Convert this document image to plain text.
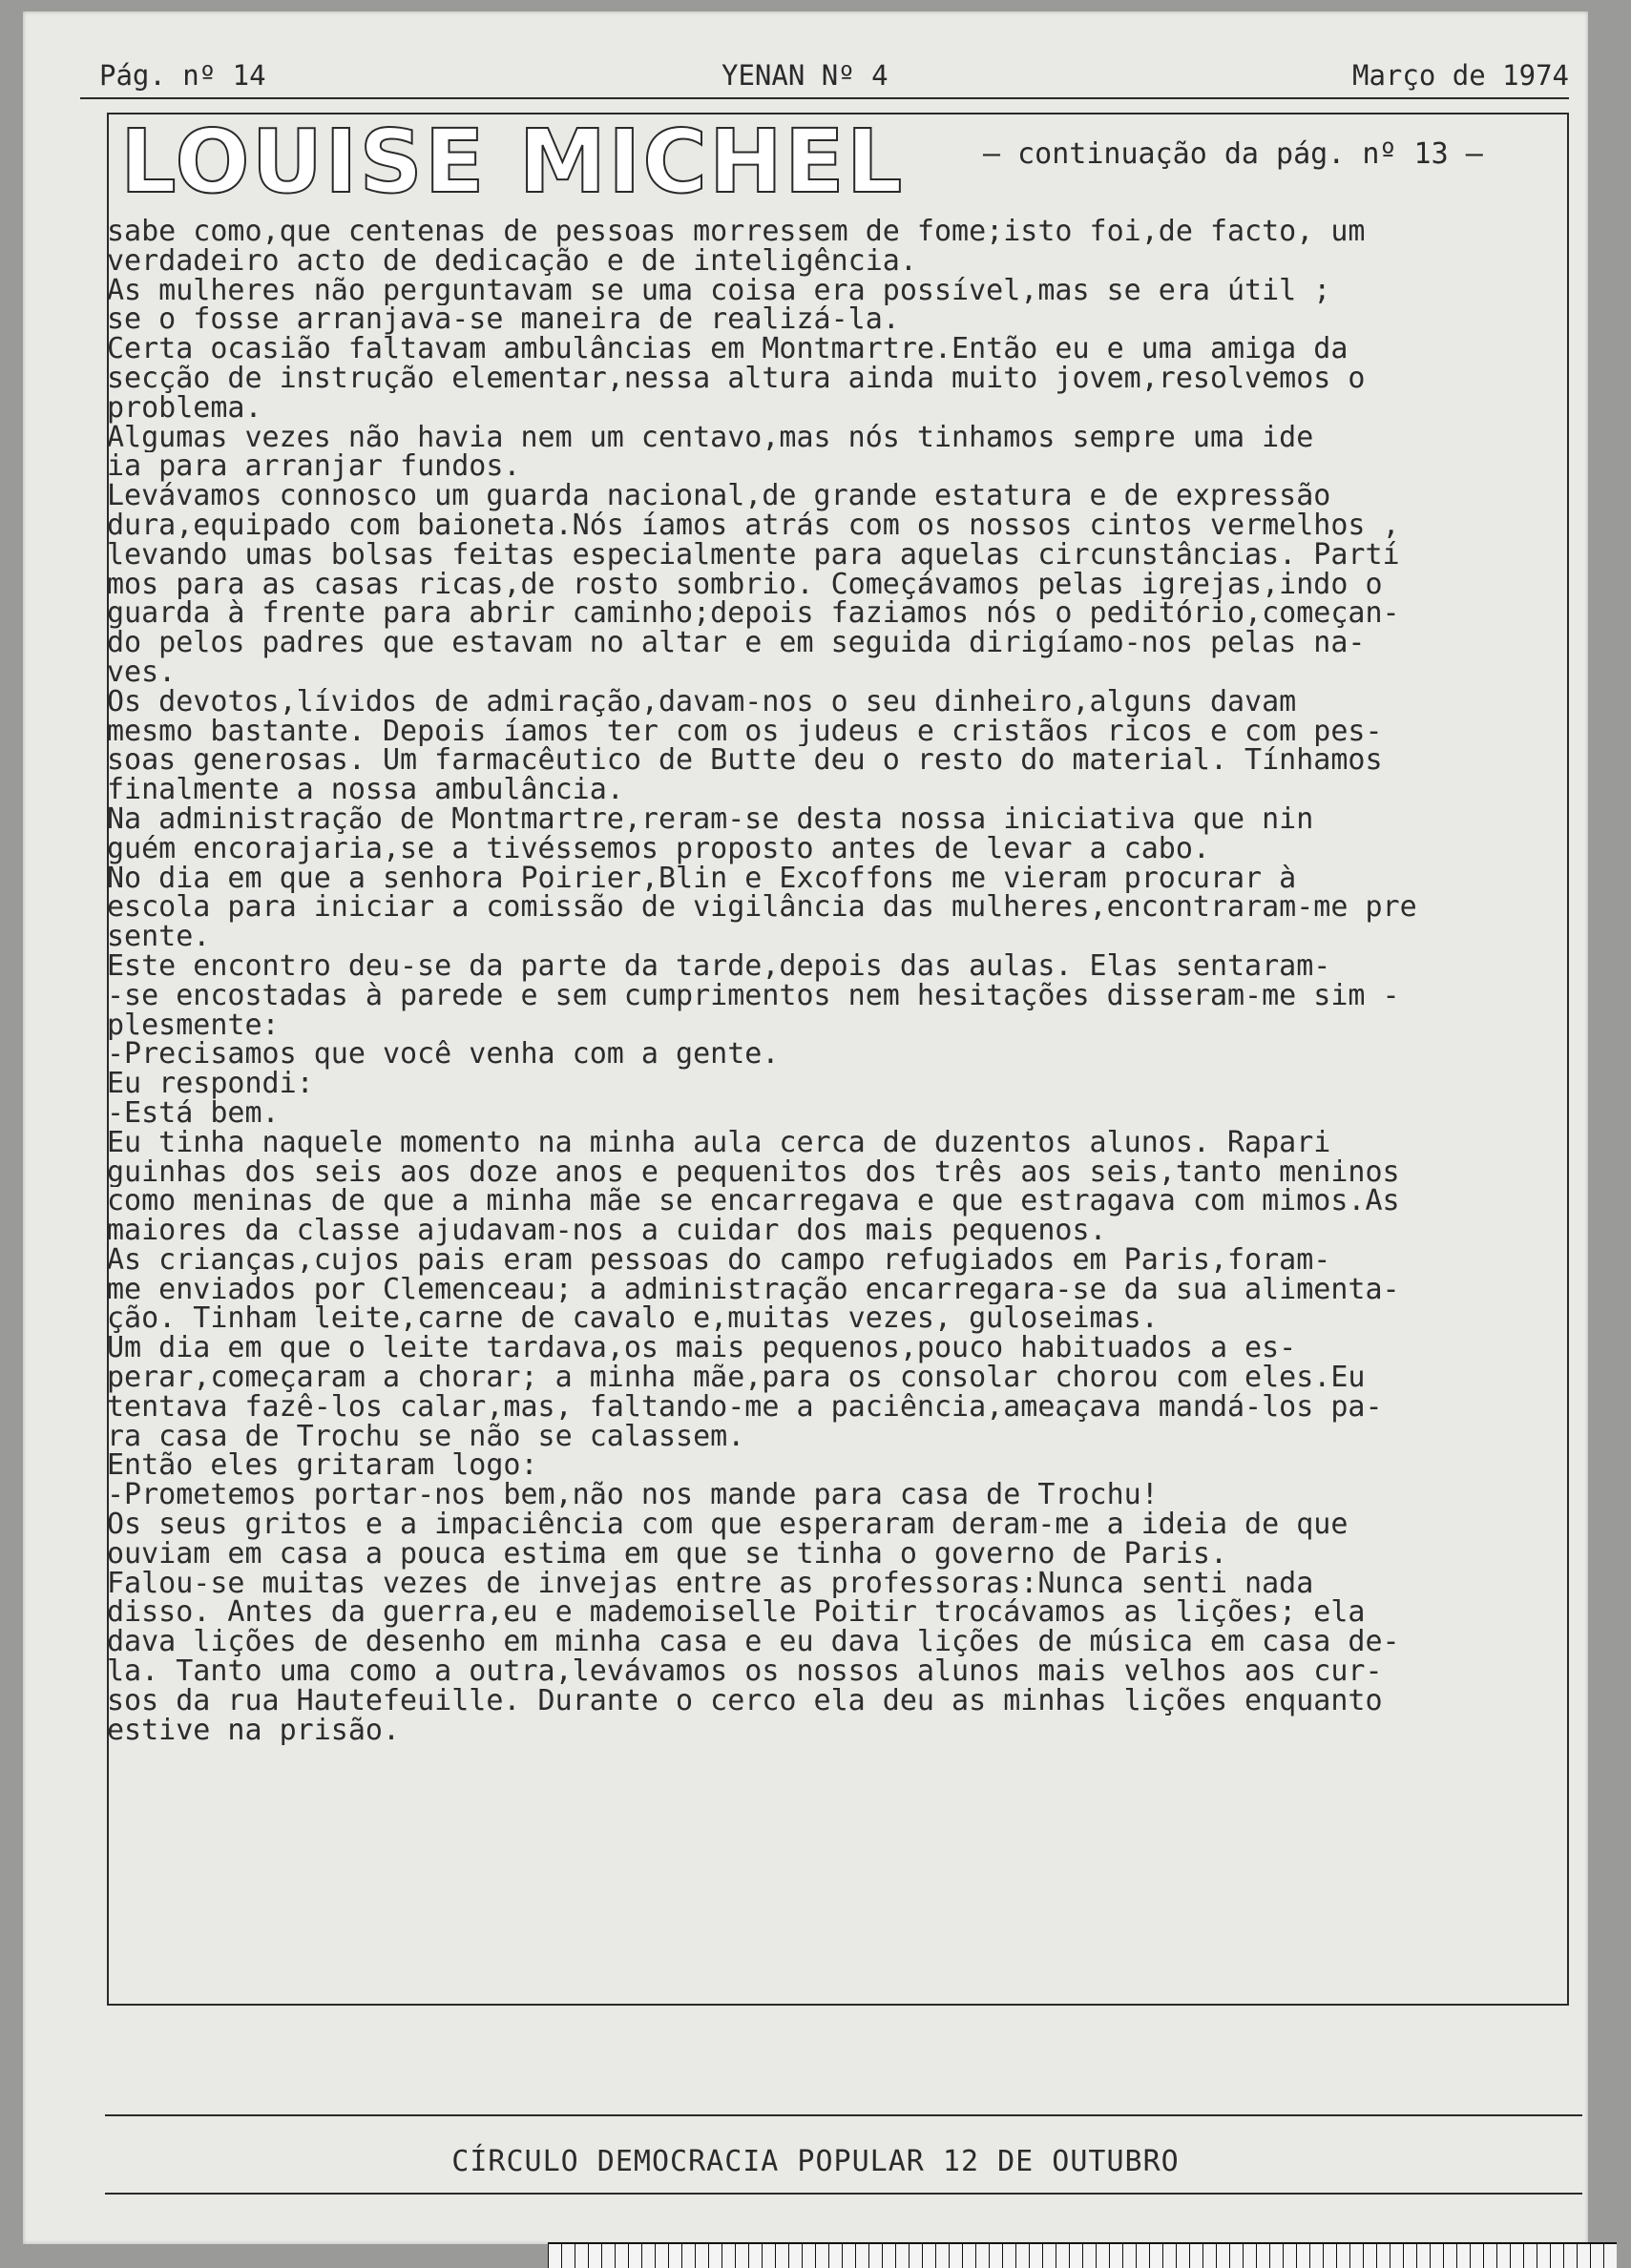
Pág. nº 14	YENAN Nº 4	Março de 1974
LOUISE MICHEL	— continuação da pág. nº 13 —

sabe como,que centenas de pessoas morressem de fome;isto foi,de facto, um

verdadeiro acto de dedicação e de inteligência.

As mulheres não perguntavam se uma coisa era possível,mas se era útil ;

se o fosse arranjava-se maneira de realizá-la.

Certa ocasião faltavam ambulâncias em Montmartre.Então eu e uma amiga da

secção de instrução elementar,nessa altura ainda muito jovem,resolvemos o

problema.

Algumas vezes não havia nem um centavo,mas nós tinhamos sempre uma ide

ia para arranjar fundos.

Levávamos connosco um guarda nacional,de grande estatura e de expressão

dura,equipado com baioneta.Nós íamos atrás com os nossos cintos vermelhos ,

levando umas bolsas feitas especialmente para aquelas circunstâncias. Partí

mos para as casas ricas,de rosto sombrio. Começávamos pelas igrejas,indo o

guarda à frente para abrir caminho;depois faziamos nós o peditório,começan-

do pelos padres que estavam no altar e em seguida dirigíamo-nos pelas na-

ves.

Os devotos,lívidos de admiração,davam-nos o seu dinheiro,alguns davam

mesmo bastante. Depois íamos ter com os judeus e cristãos ricos e com pes-

soas generosas. Um farmacêutico de Butte deu o resto do material. Tínhamos

finalmente a nossa ambulância.

Na administração de Montmartre,reram-se desta nossa iniciativa que nin

guém encorajaria,se a tivéssemos proposto antes de levar a cabo.

No dia em que a senhora Poirier,Blin e Excoffons me vieram procurar à

escola para iniciar a comissão de vigilância das mulheres,encontraram-me pre

sente.

Este encontro deu-se da parte da tarde,depois das aulas. Elas sentaram-

-se encostadas à parede e sem cumprimentos nem hesitações disseram-me sim -

plesmente:

-Precisamos que você venha com a gente.

Eu respondi:

-Está bem.

Eu tinha naquele momento na minha aula cerca de duzentos alunos. Rapari

guinhas dos seis aos doze anos e pequenitos dos três aos seis,tanto meninos

como meninas de que a minha mãe se encarregava e que estragava com mimos.As

maiores da classe ajudavam-nos a cuidar dos mais pequenos.

As crianças,cujos pais eram pessoas do campo refugiados em Paris,foram-

me enviados por Clemenceau; a administração encarregara-se da sua alimenta-

ção. Tinham leite,carne de cavalo e,muitas vezes, guloseimas.

Um dia em que o leite tardava,os mais pequenos,pouco habituados a es-

perar,começaram a chorar; a minha mãe,para os consolar chorou com eles.Eu

tentava fazê-los calar,mas, faltando-me a paciência,ameaçava mandá-los pa-

ra casa de Trochu se não se calassem.

Então eles gritaram logo:

-Prometemos portar-nos bem,não nos mande para casa de Trochu!

Os seus gritos e a impaciência com que esperaram deram-me a ideia de que

ouviam em casa a pouca estima em que se tinha o governo de Paris.

Falou-se muitas vezes de invejas entre as professoras:Nunca senti nada

disso. Antes da guerra,eu e mademoiselle Poitir trocávamos as lições; ela

dava lições de desenho em minha casa e eu dava lições de música em casa de-

la. Tanto uma como a outra,levávamos os nossos alunos mais velhos aos cur-

sos da rua Hautefeuille. Durante o cerco ela deu as minhas lições enquanto

estive na prisão.

CÍRCULO DEMOCRACIA POPULAR 12 DE OUTUBRO
